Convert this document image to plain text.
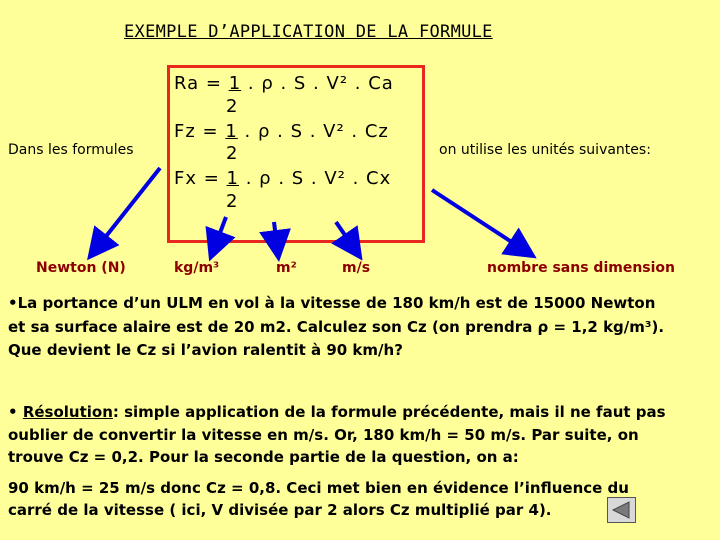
EXEMPLE D’APPLICATION DE LA FORMULE
Dans les formules	on utilise les unités suivantes:
Ra = 1 . ρ . S . V² . Ca
2
Fz = 1 . ρ . S . V² . Cz
2
Fx = 1 . ρ . S . V² . Cx
2
Newton (N)	kg/m³	m²	m/s	nombre sans dimension
•La portance d’un ULM en vol à la vitesse de 180 km/h est de 15000 Newton
et sa surface alaire est de 20 m2. Calculez son Cz (on prendra ρ = 1,2 kg/m³).
Que devient le Cz si l’avion ralentit à 90 km/h?
• Résolution: simple application de la formule précédente, mais il ne faut pas
oublier de convertir la vitesse en m/s. Or, 180 km/h = 50 m/s. Par suite, on
trouve Cz = 0,2. Pour la seconde partie de la question, on a:
90 km/h = 25 m/s donc Cz = 0,8. Ceci met bien en évidence l’influence du
carré de la vitesse ( ici, V divisée par 2 alors Cz multiplié par 4).
